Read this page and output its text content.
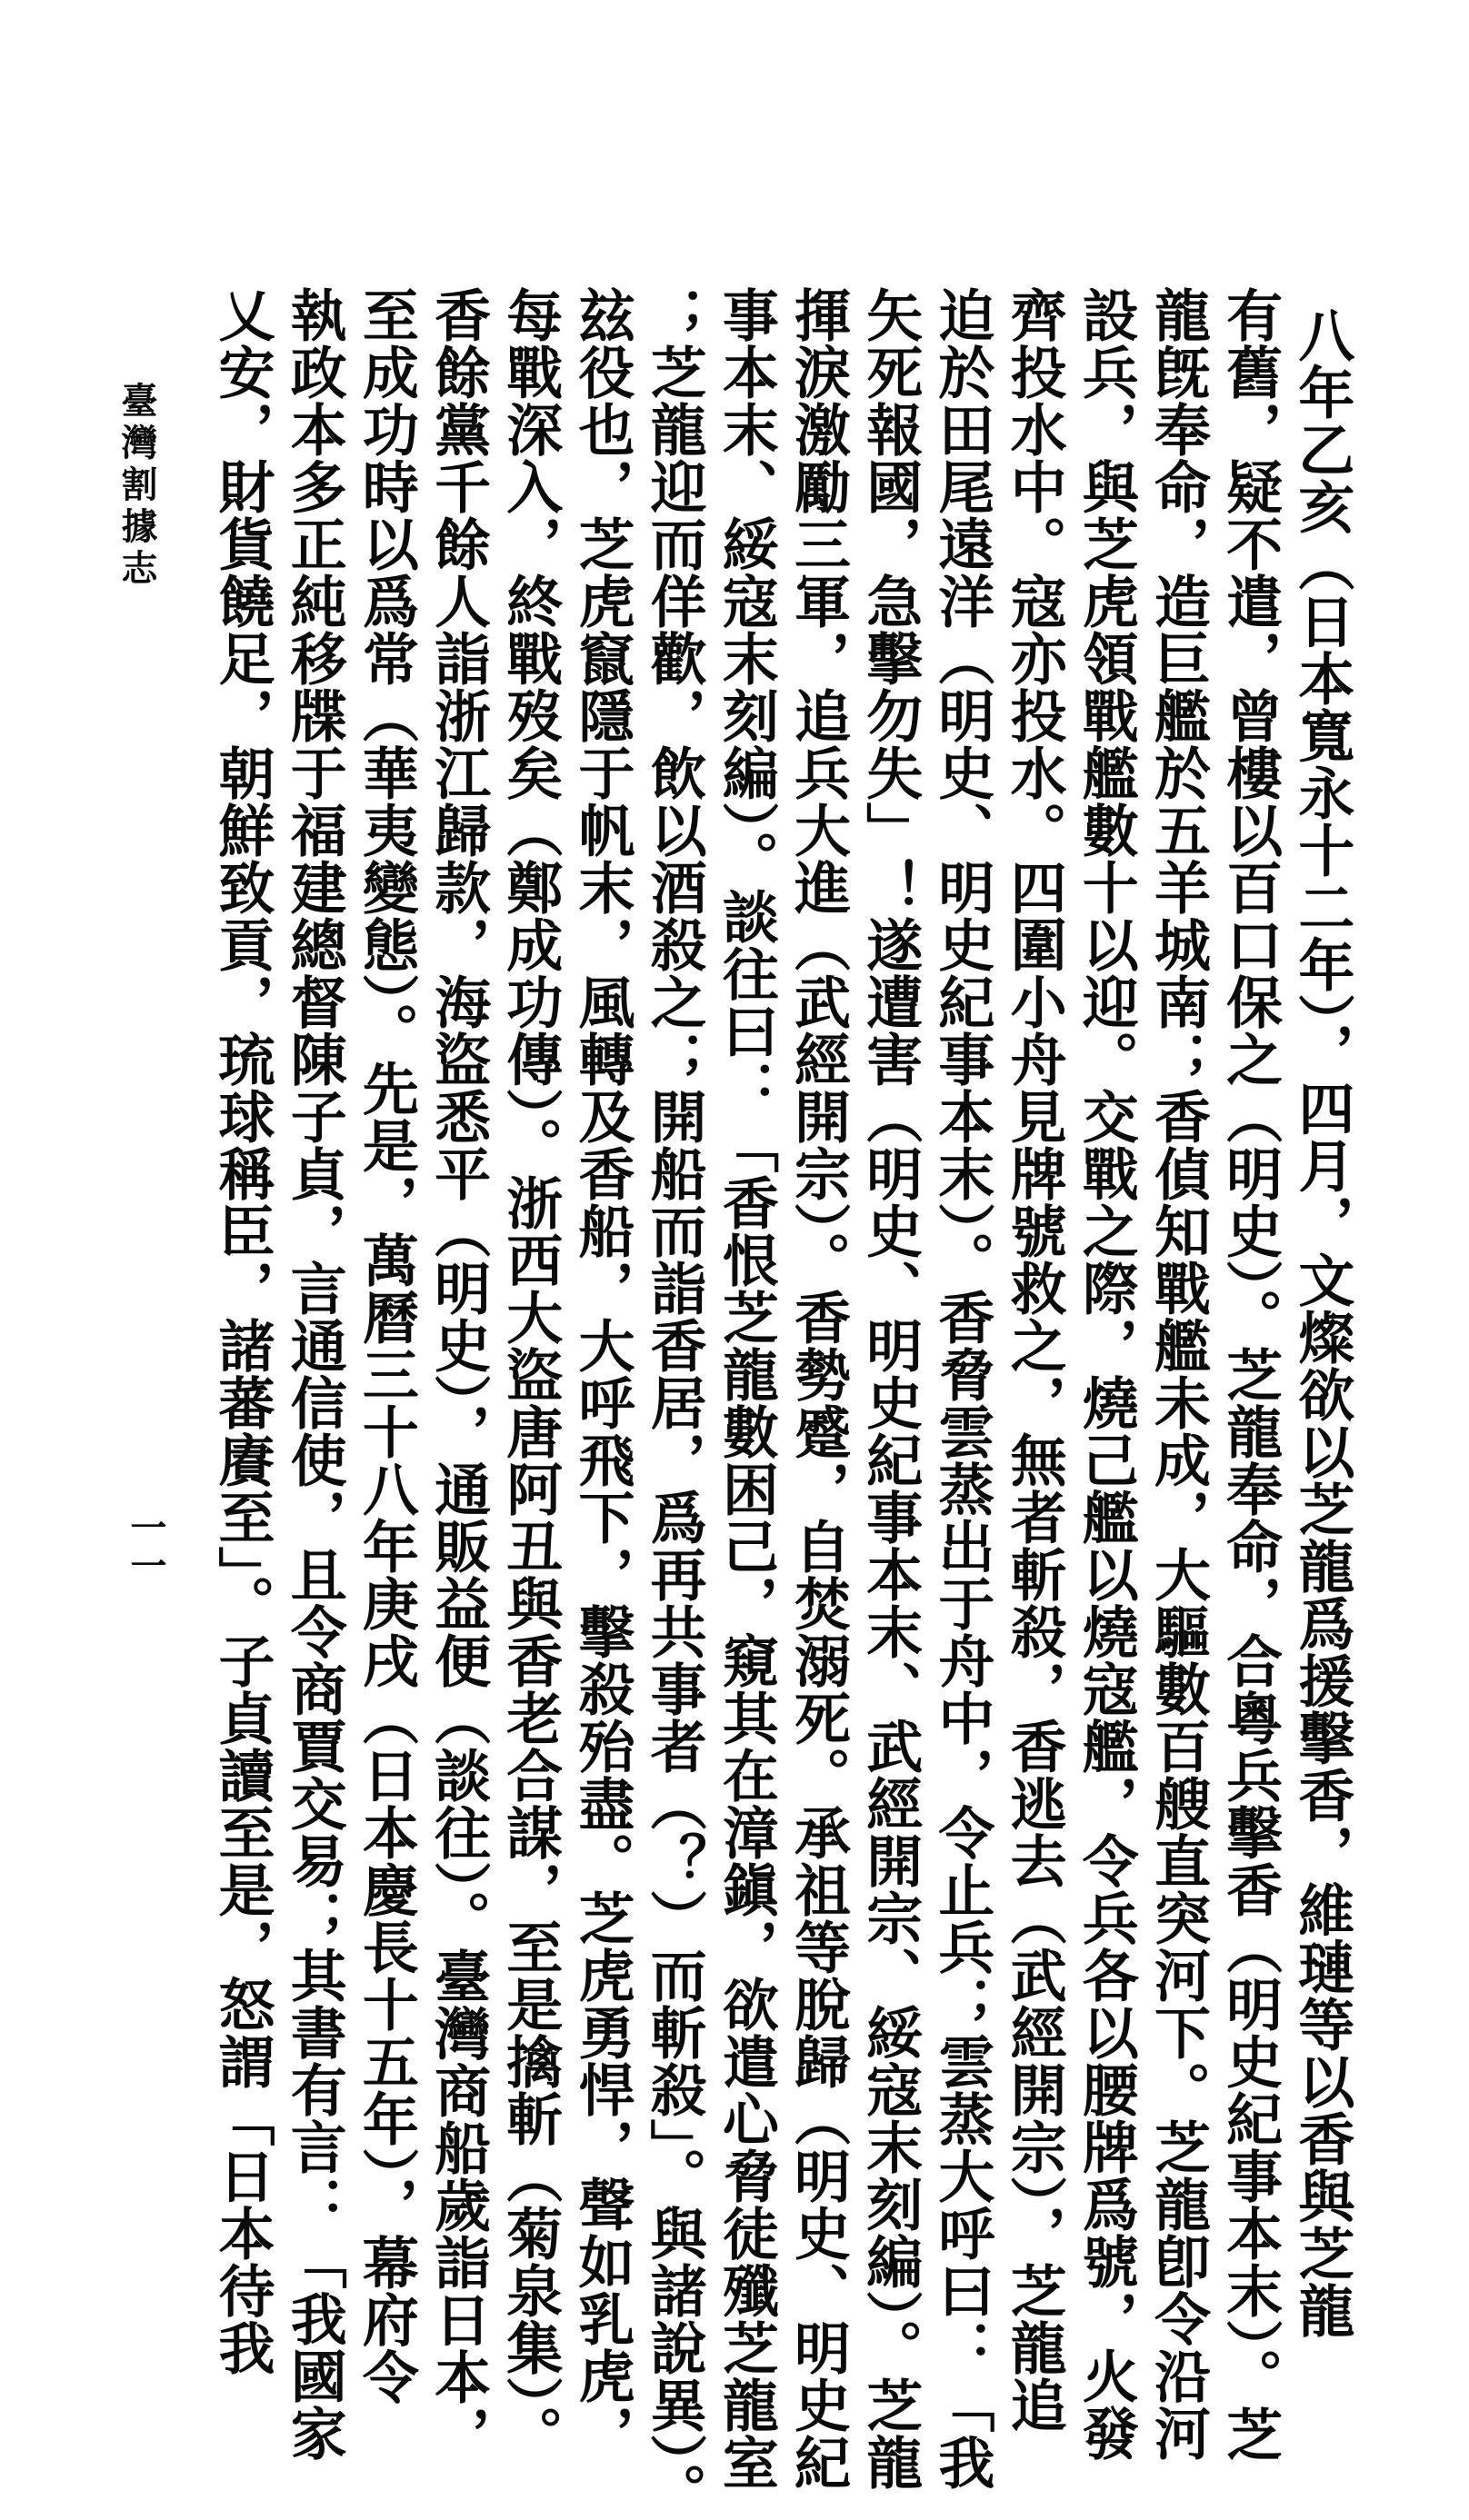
八年乙亥（日本寬永十二年），四月，文燦欲以芝龍爲援擊香，維璉等以香與芝龍
有舊，疑不遣，曾樓以百口保之（明史）。芝龍奉命，合粵兵擊香（明史紀事本末）。芝
龍旣奉命，造巨艦於五羊城南；香偵知戰艦未成，大驅數百艘直突河下。芝龍卽令沿河
設兵，與芝虎領戰艦數十以迎。交戰之際，燒己艦以燒寇艦，令兵各以腰牌爲號，火發
齊投水中。寇亦投水。四圍小舟見牌號救之，無者斬殺，香逃去（武經開宗），芝龍追
迫於田尾遠洋（明史、明史紀事本末）。香脅雲蒸出于舟中，令止兵；雲蒸大呼曰：「我
矢死報國，急擊勿失」！遂遭害（明史、明史紀事本末、武經開宗、綏寇末刻編）。芝龍
揮淚激勵三軍，追兵大進（武經開宗）。香勢蹙，自焚溺死。承祖等脫歸（明史、明史紀
事本末、綏寇末刻編）。談往曰：「香恨芝龍數困己，窺其在漳鎭，欲遣心脅徒殲芝龍室
；芝龍迎而佯歡，飲以酒殺之；開船而詣香居，爲再共事者（？）而斬殺」。與諸說異）。
玆役也，芝虎竄隱于帆末，風轉及香船，大呼飛下，擊殺殆盡。芝虎勇悍，聲如乳虎，
每戰深入，終戰歿矣（鄭成功傳）。浙西大盜唐阿丑與香老合謀，至是擒斬（菊泉集）。
香餘黨千餘人詣浙江歸款，海盜悉平（明史），通販益便（談往）。臺灣商船歲詣日本，
至成功時以爲常（華夷變態）。先是，萬曆三十八年庚戌（日本慶長十五年），幕府令
執政本多正純移牒于福建總督陳子貞，言通信使，且令商賈交易；其書有言：「我國家
乂安，財貨饒足，朝鮮致貢，琉球稱臣，諸蕃賡至」。子貞讀至是，怒謂「日本待我
臺灣割據志
一一
